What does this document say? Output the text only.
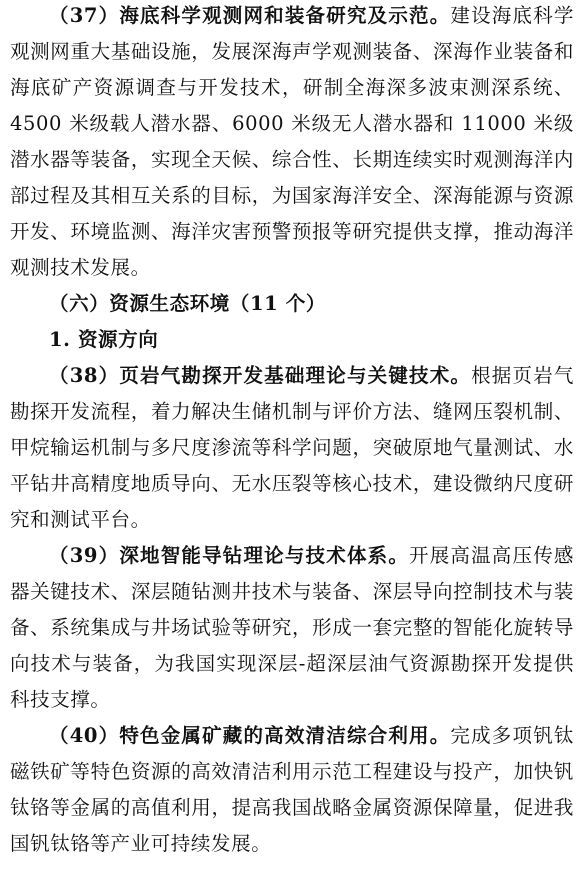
（37）海底科学观测网和装备研究及示范。建设海底科学观测网重大基础设施，发展深海声学观测装备、深海作业装备和海底矿产资源调查与开发技术，研制全海深多波束测深系统、4500 米级载人潜水器、6000 米级无人潜水器和 11000 米级潜水器等装备，实现全天候、综合性、长期连续实时观测海洋内部过程及其相互关系的目标，为国家海洋安全、深海能源与资源开发、环境监测、海洋灾害预警预报等研究提供支撑，推动海洋观测技术发展。

（六）资源生态环境（11 个）

1. 资源方向

（38）页岩气勘探开发基础理论与关键技术。根据页岩气勘探开发流程，着力解决生储机制与评价方法、缝网压裂机制、甲烷输运机制与多尺度渗流等科学问题，突破原地气量测试、水平钻井高精度地质导向、无水压裂等核心技术，建设微纳尺度研究和测试平台。

（39）深地智能导钻理论与技术体系。开展高温高压传感器关键技术、深层随钻测井技术与装备、深层导向控制技术与装备、系统集成与井场试验等研究，形成一套完整的智能化旋转导向技术与装备，为我国实现深层-超深层油气资源勘探开发提供科技支撑。

（40）特色金属矿藏的高效清洁综合利用。完成多项钒钛磁铁矿等特色资源的高效清洁利用示范工程建设与投产，加快钒钛铬等金属的高值利用，提高我国战略金属资源保障量，促进我国钒钛铬等产业可持续发展。
